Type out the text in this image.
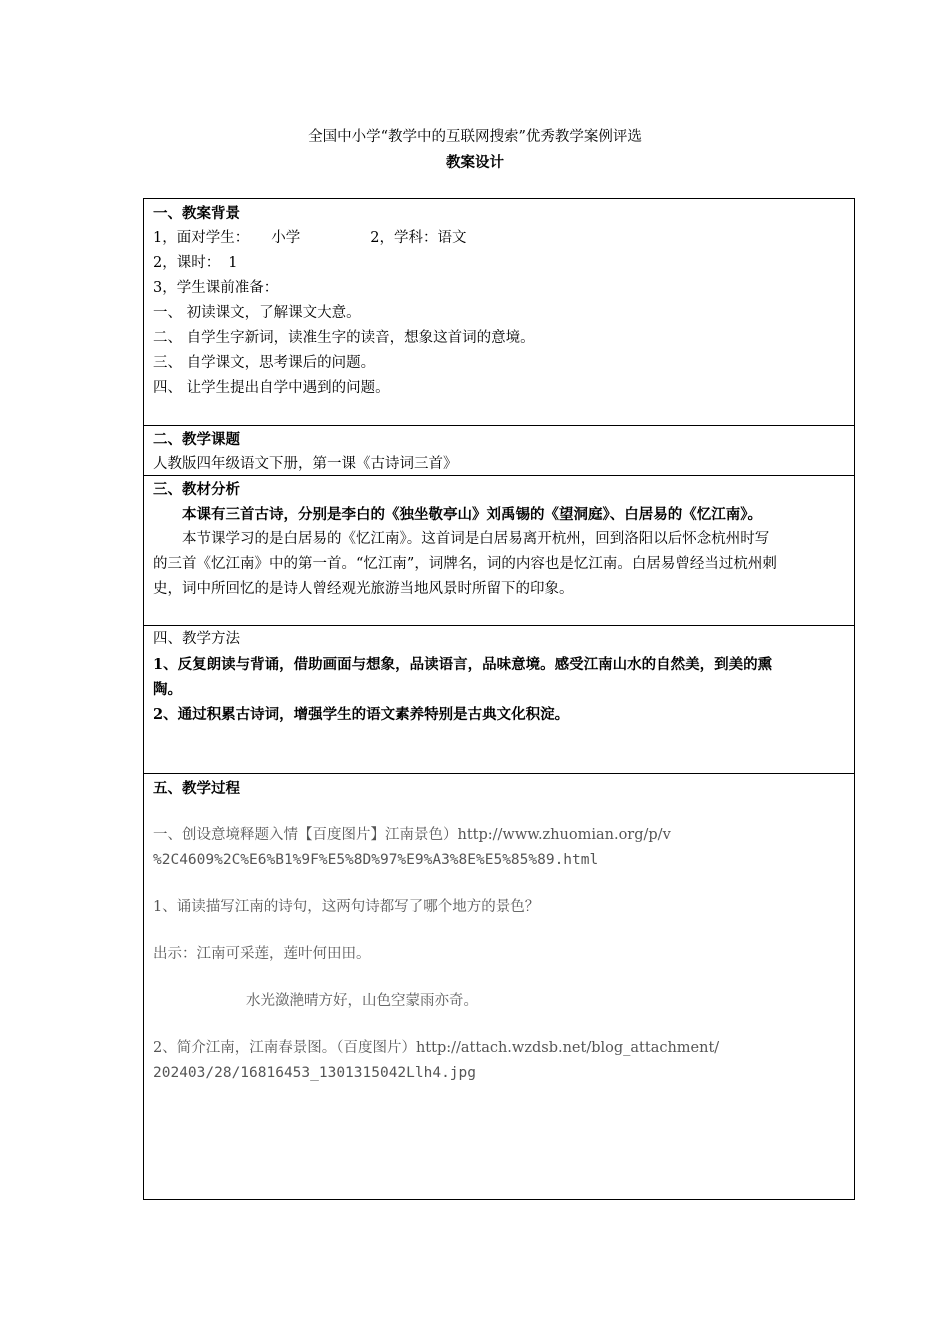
全国中小学“教学中的互联网搜索”优秀教学案例评选
教案设计
一、教案背景
1，面对学生： 小学	2，学科：语文
2，课时： 1
3，学生课前准备：
一、 初读课文，了解课文大意。
二、 自学生字新词，读准生字的读音，想象这首词的意境。
三、 自学课文，思考课后的问题。
四、 让学生提出自学中遇到的问题。
二、教学课题
人教版四年级语文下册，第一课《古诗词三首》
三、教材分析
本课有三首古诗，分别是李白的《独坐敬亭山》刘禹锡的《望洞庭》、白居易的《忆江南》。
本节课学习的是白居易的《忆江南》。这首词是白居易离开杭州，回到洛阳以后怀念杭州时写
的三首《忆江南》中的第一首。“忆江南”，词牌名，词的内容也是忆江南。白居易曾经当过杭州刺
史，词中所回忆的是诗人曾经观光旅游当地风景时所留下的印象。
四、教学方法
1、反复朗读与背诵，借助画面与想象，品读语言，品味意境。感受江南山水的自然美，到美的熏
陶。
2、通过积累古诗词，增强学生的语文素养特别是古典文化积淀。
五、教学过程
一、创设意境释题入情【百度图片】江南景色）http://www.zhuomian.org/p/v
%2C4609%2C%E6%B1%9F%E5%8D%97%E9%A3%8E%E5%85%89.html
1、诵读描写江南的诗句，这两句诗都写了哪个地方的景色？
出示：江南可采莲，莲叶何田田。
水光潋滟晴方好，山色空蒙雨亦奇。
2、简介江南，江南春景图。（百度图片）http://attach.wzdsb.net/blog_attachment/
202403/28/16816453_1301315042Llh4.jpg
